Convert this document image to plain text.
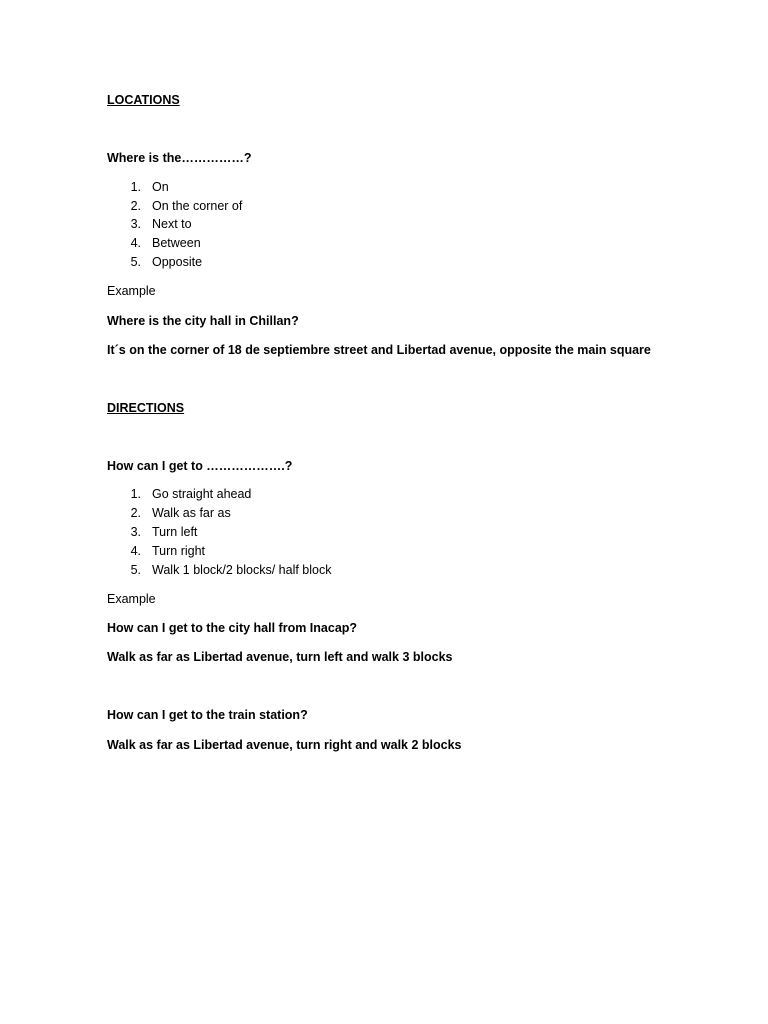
LOCATIONS
Where is the……………?
1. On
2. On the corner of
3. Next to
4. Between
5. Opposite
Example
Where is the city hall in Chillan?
It´s on the corner of 18 de septiembre street and Libertad avenue, opposite the main square
DIRECTIONS
How can I get to ……………….?
1. Go straight ahead
2. Walk as far as
3. Turn left
4. Turn right
5. Walk 1 block/2 blocks/ half block
Example
How can I get to the city hall from Inacap?
Walk as far as Libertad avenue, turn left and walk 3 blocks
How can I get to the train station?
Walk as far as Libertad avenue, turn right and walk 2 blocks
